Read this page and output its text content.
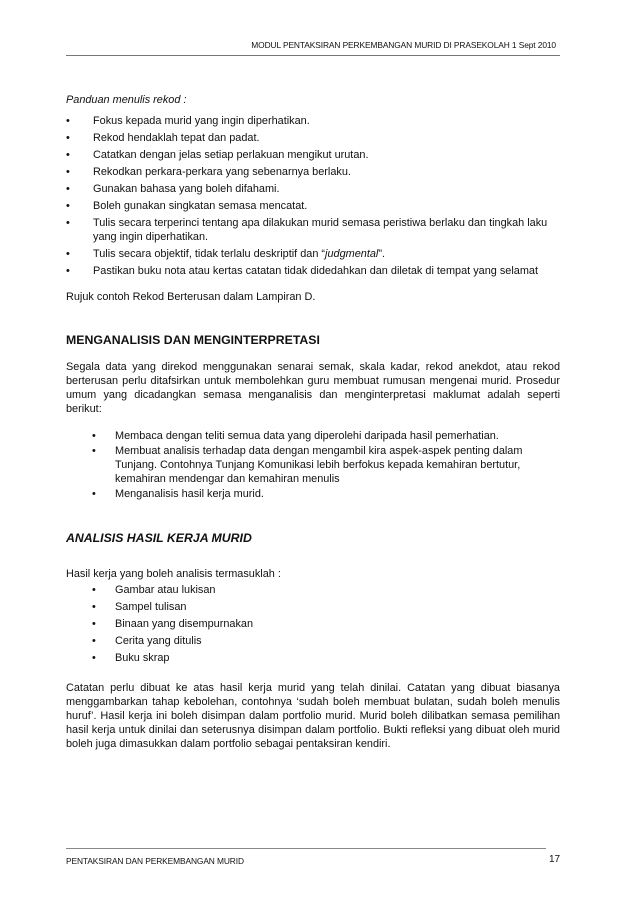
MODUL PENTAKSIRAN PERKEMBANGAN MURID DI PRASEKOLAH 1 Sept 2010

Panduan menulis rekod :

• Fokus kepada murid yang ingin diperhatikan.
• Rekod hendaklah tepat dan padat.
• Catatkan dengan jelas setiap perlakuan mengikut urutan.
• Rekodkan perkara-perkara yang sebenarnya berlaku.
• Gunakan bahasa yang boleh difahami.
• Boleh gunakan singkatan semasa mencatat.
• Tulis secara terperinci tentang apa dilakukan murid semasa peristiwa berlaku dan tingkah laku yang ingin diperhatikan.
• Tulis secara objektif, tidak terlalu deskriptif dan “judgmental”.
• Pastikan buku nota atau kertas catatan tidak didedahkan dan diletak di tempat yang selamat

Rujuk contoh Rekod Berterusan dalam Lampiran D.

MENGANALISIS DAN MENGINTERPRETASI

Segala data yang direkod menggunakan senarai semak, skala kadar, rekod anekdot, atau rekod berterusan perlu ditafsirkan untuk membolehkan guru membuat rumusan mengenai murid. Prosedur umum yang dicadangkan semasa menganalisis dan menginterpretasi maklumat adalah seperti berikut:

• Membaca dengan teliti semua data yang diperolehi daripada hasil pemerhatian.
• Membuat analisis terhadap data dengan mengambil kira aspek-aspek penting dalam Tunjang. Contohnya Tunjang Komunikasi lebih berfokus kepada kemahiran bertutur, kemahiran mendengar dan kemahiran menulis
• Menganalisis hasil kerja murid.
ANALISIS HASIL KERJA MURID

Hasil kerja yang boleh analisis termasuklah :

• Gambar atau lukisan
• Sampel tulisan
• Binaan yang disempurnakan
• Cerita yang ditulis
• Buku skrap

Catatan perlu dibuat ke atas hasil kerja murid yang telah dinilai. Catatan yang dibuat biasanya menggambarkan tahap kebolehan, contohnya ‘sudah boleh membuat bulatan, sudah boleh menulis huruf’. Hasil kerja ini boleh disimpan dalam portfolio murid. Murid boleh dilibatkan semasa pemilihan hasil kerja untuk dinilai dan seterusnya disimpan dalam portfolio. Bukti refleksi yang dibuat oleh murid boleh juga dimasukkan dalam portfolio sebagai pentaksiran kendiri.

PENTAKSIRAN DAN PERKEMBANGAN MURID	17
